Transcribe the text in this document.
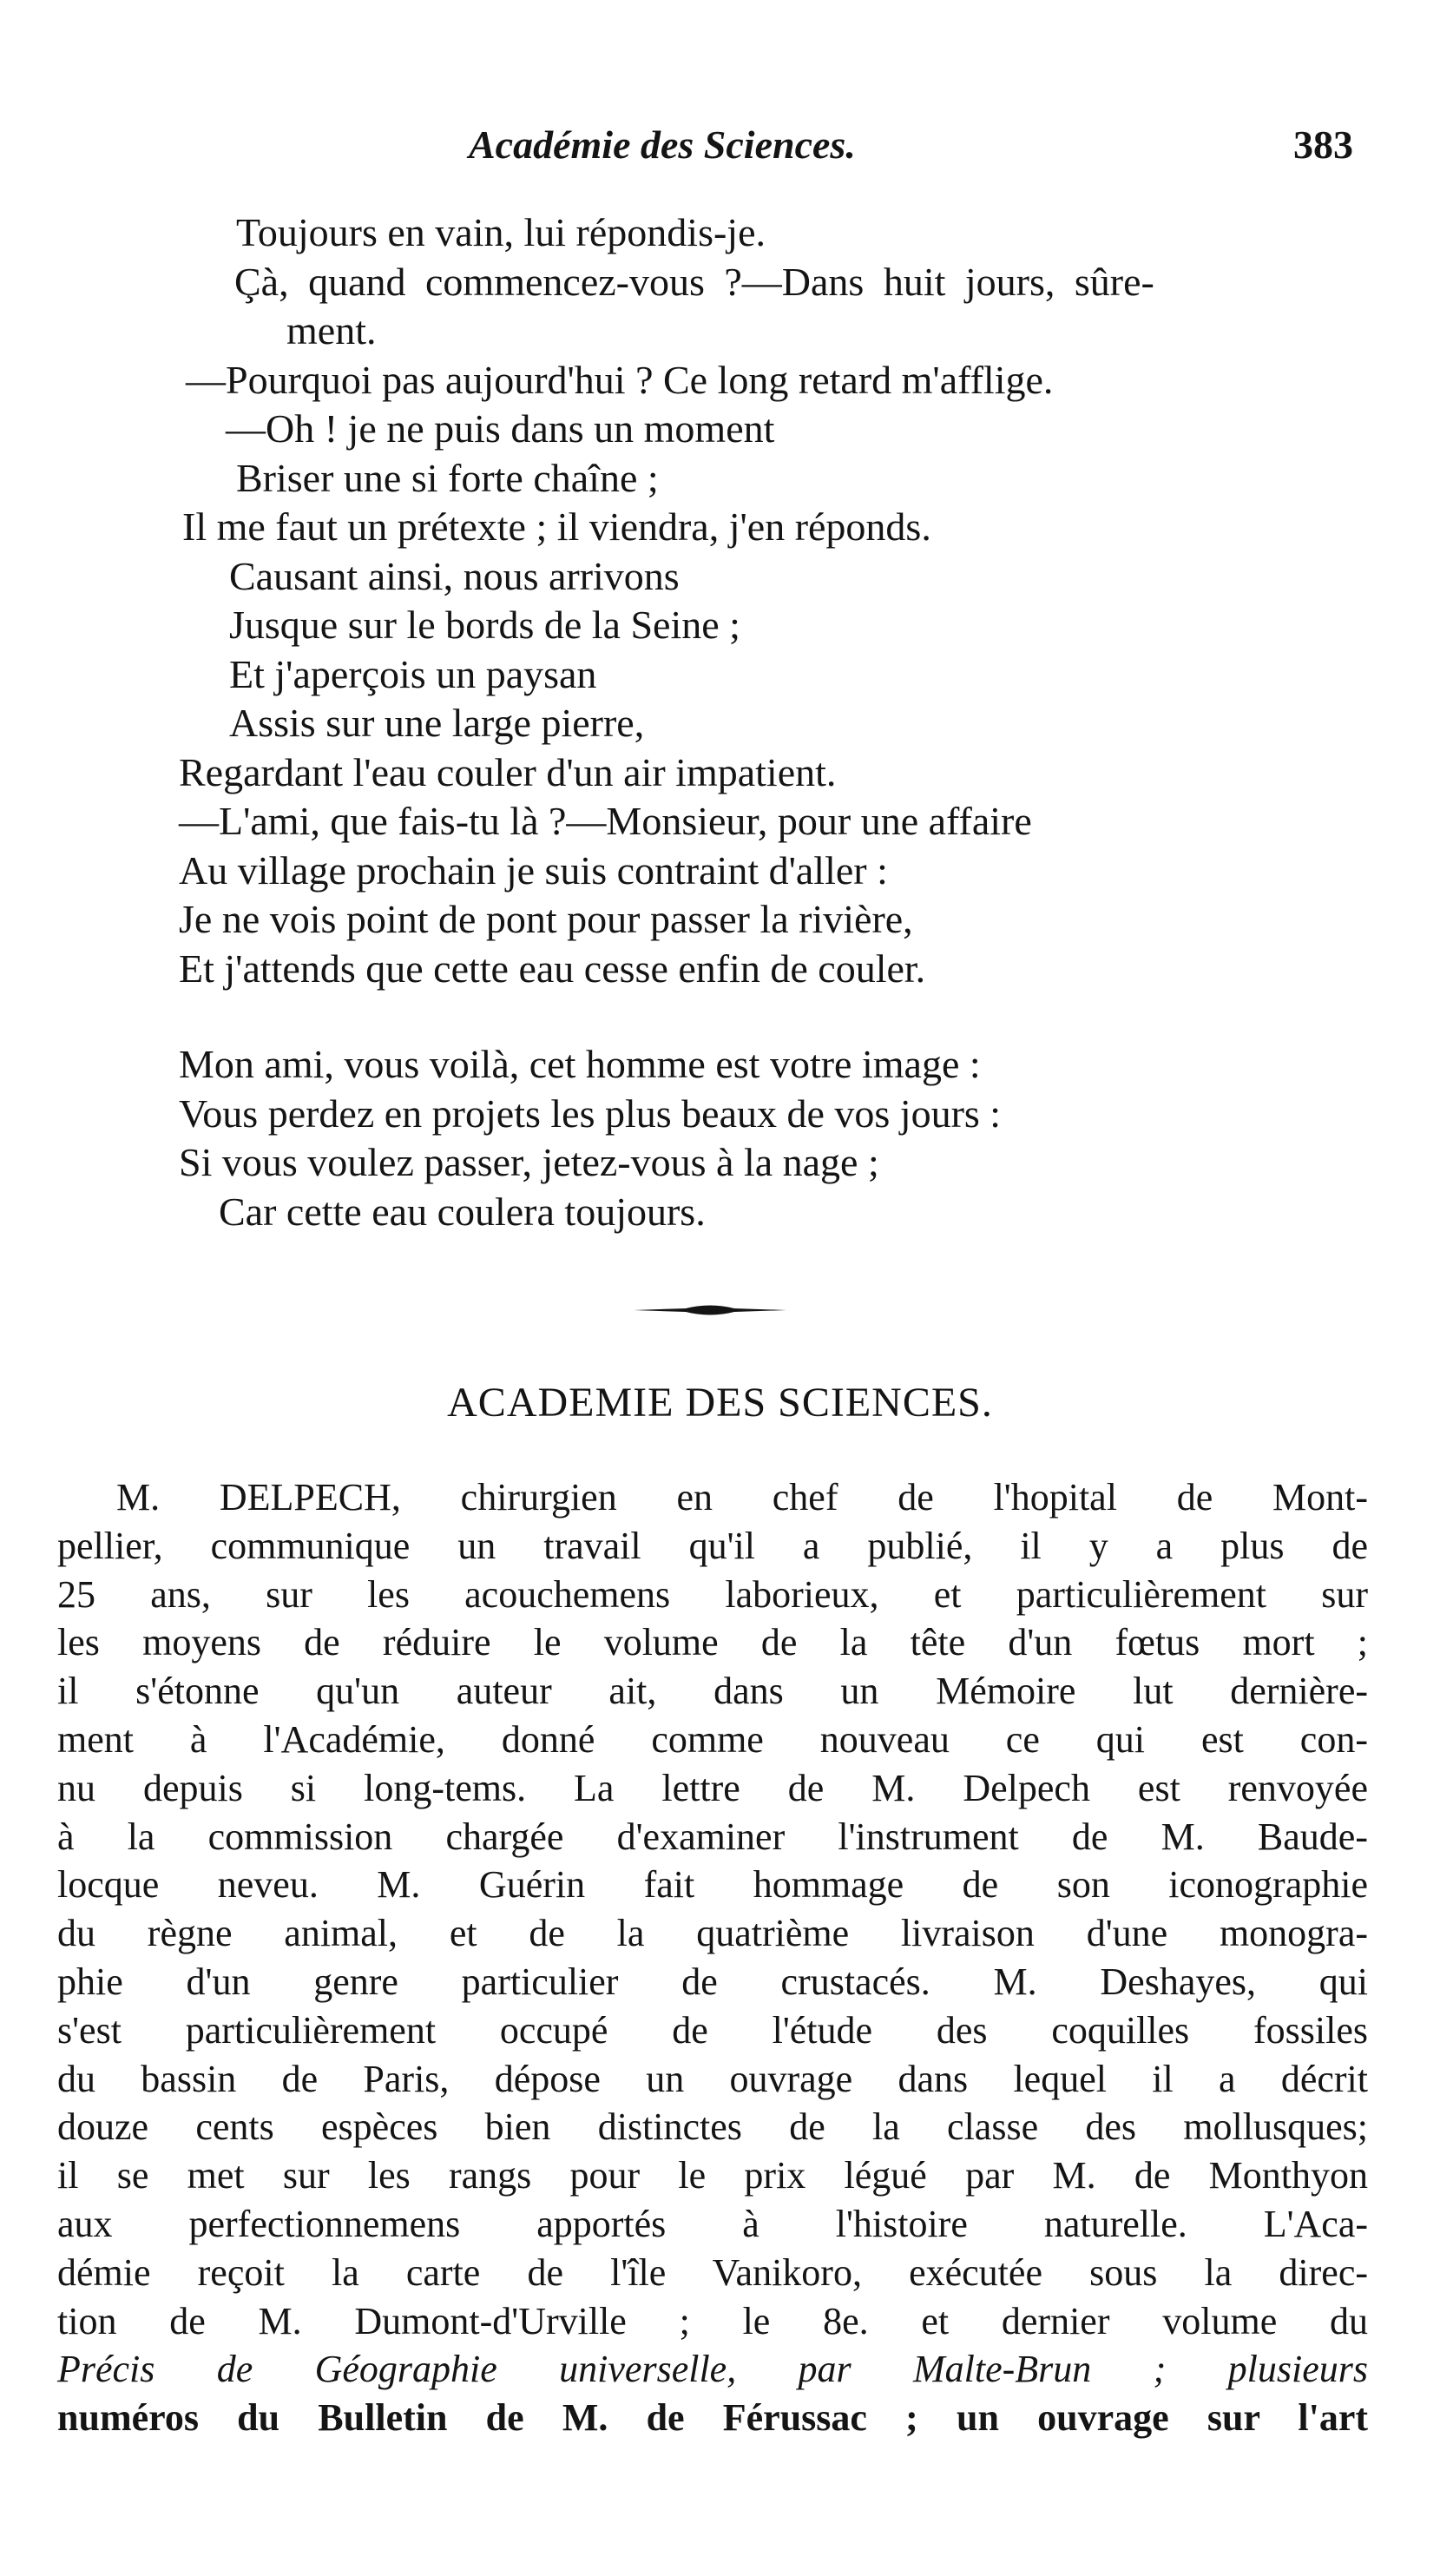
Académie des Sciences.	383
Toujours en vain, lui répondis-je.
Çà, quand commencez-vous ?—Dans huit jours, sûre-
ment.
—Pourquoi pas aujourd'hui ? Ce long retard m'afflige.
—Oh ! je ne puis dans un moment
Briser une si forte chaîne ;
Il me faut un prétexte ; il viendra, j'en réponds.
Causant ainsi, nous arrivons
Jusque sur le bords de la Seine ;
Et j'aperçois un paysan
Assis sur une large pierre,
Regardant l'eau couler d'un air impatient.
—L'ami, que fais-tu là ?—Monsieur, pour une affaire
Au village prochain je suis contraint d'aller :
Je ne vois point de pont pour passer la rivière,
Et j'attends que cette eau cesse enfin de couler.
Mon ami, vous voilà, cet homme est votre image :
Vous perdez en projets les plus beaux de vos jours :
Si vous voulez passer, jetez-vous à la nage ;
Car cette eau coulera toujours.
ACADEMIE DES SCIENCES.
M. DELPECH, chirurgien en chef de l'hopital de Mont-
pellier, communique un travail qu'il a publié, il y a plus de
25 ans, sur les acouchemens laborieux, et particulièrement sur
les moyens de réduire le volume de la tête d'un fœtus mort ;
il s'étonne qu'un auteur ait, dans un Mémoire lut dernière-
ment à l'Académie, donné comme nouveau ce qui est con-
nu depuis si long-tems. La lettre de M. Delpech est renvoyée
à la commission chargée d'examiner l'instrument de M. Baude-
locque neveu. M. Guérin fait hommage de son iconographie
du règne animal, et de la quatrième livraison d'une monogra-
phie d'un genre particulier de crustacés. M. Deshayes, qui
s'est particulièrement occupé de l'étude des coquilles fossiles
du bassin de Paris, dépose un ouvrage dans lequel il a décrit
douze cents espèces bien distinctes de la classe des mollusques;
il se met sur les rangs pour le prix légué par M. de Monthyon
aux perfectionnemens apportés à l'histoire naturelle. L'Aca-
démie reçoit la carte de l'île Vanikoro, exécutée sous la direc-
tion de M. Dumont-d'Urville ; le 8e. et dernier volume du
Précis de Géographie universelle, par Malte-Brun ; plusieurs
numéros du Bulletin de M. de Férussac ; un ouvrage sur l'art
